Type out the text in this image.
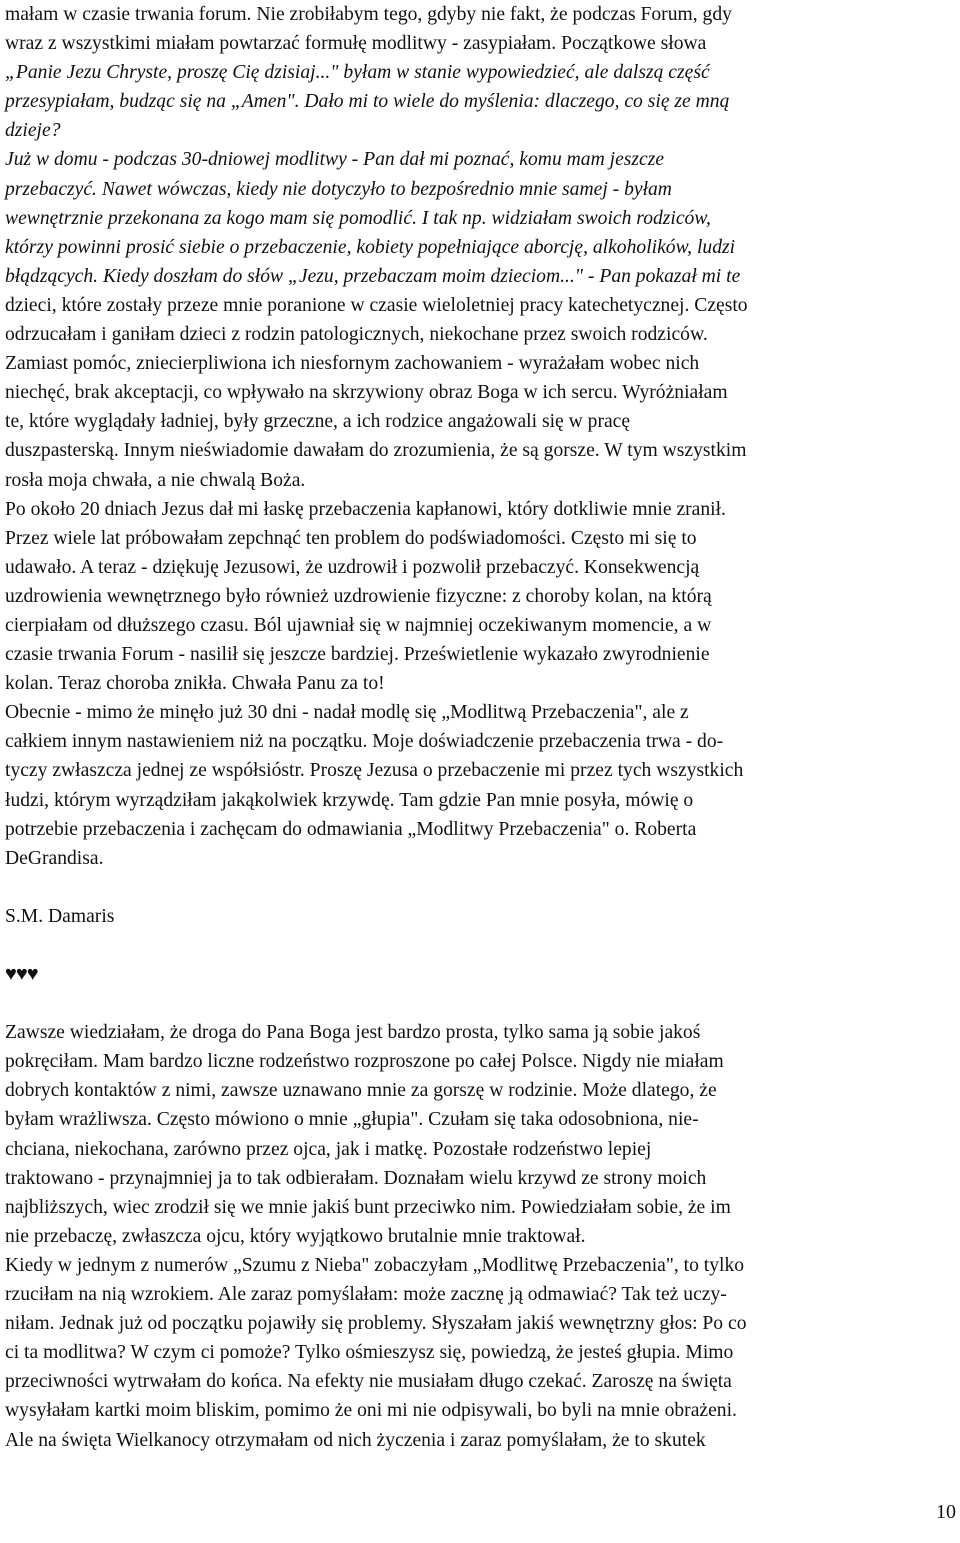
małam w czasie trwania forum. Nie zrobiłabym tego, gdyby nie fakt, że podczas Forum, gdy
wraz z wszystkimi miałam powtarzać formułę modlitwy - zasypiałam. Początkowe słowa
„Panie Jezu Chryste, proszę Cię dzisiaj..." byłam w stanie wypowiedzieć, ale dalszą część
przesypiałam, budząc się na „Amen". Dało mi to wiele do myślenia: dlaczego, co się ze mną
dzieje?
Już w domu - podczas 30-dniowej modlitwy - Pan dał mi poznać, komu mam jeszcze
przebaczyć. Nawet wówczas, kiedy nie dotyczyło to bezpośrednio mnie samej - byłam
wewnętrznie przekonana za kogo mam się pomodlić. I tak np. widziałam swoich rodziców,
którzy powinni prosić siebie o przebaczenie, kobiety popełniające aborcję, alkoholików, ludzi
błądzących. Kiedy doszłam do słów „Jezu, przebaczam moim dzieciom..." - Pan pokazał mi te
dzieci, które zostały przeze mnie poranione w czasie wieloletniej pracy katechetycznej. Często
odrzucałam i ganiłam dzieci z rodzin patologicznych, niekochane przez swoich rodziców.
Zamiast pomóc, zniecierpliwiona ich niesfornym zachowaniem - wyrażałam wobec nich
niechęć, brak akceptacji, co wpływało na skrzywiony obraz Boga w ich sercu. Wyróżniałam
te, które wyglądały ładniej, były grzeczne, a ich rodzice angażowali się w pracę
duszpasterską. Innym nieświadomie dawałam do zrozumienia, że są gorsze. W tym wszystkim
rosła moja chwała, a nie chwalą Boża.
Po około 20 dniach Jezus dał mi łaskę przebaczenia kapłanowi, który dotkliwie mnie zranił.
Przez wiele lat próbowałam zepchnąć ten problem do podświadomości. Często mi się to
udawało. A teraz - dziękuję Jezusowi, że uzdrowił i pozwolił przebaczyć. Konsekwencją
uzdrowienia wewnętrznego było również uzdrowienie fizyczne: z choroby kolan, na którą
cierpiałam od dłuższego czasu. Ból ujawniał się w najmniej oczekiwanym momencie, a w
czasie trwania Forum - nasilił się jeszcze bardziej. Prześwietlenie wykazało zwyrodnienie
kolan. Teraz choroba znikła. Chwała Panu za to!
Obecnie - mimo że minęło już 30 dni - nadał modlę się „Modlitwą Przebaczenia", ale z
całkiem innym nastawieniem niż na początku. Moje doświadczenie przebaczenia trwa - do-
tyczy zwłaszcza jednej ze współsióstr. Proszę Jezusa o przebaczenie mi przez tych wszystkich
łudzi, którym wyrządziłam jakąkolwiek krzywdę. Tam gdzie Pan mnie posyła, mówię o
potrzebie przebaczenia i zachęcam do odmawiania „Modlitwy Przebaczenia" o. Roberta
DeGrandisa.
S.M. Damaris
♥♥♥
Zawsze wiedziałam, że droga do Pana Boga jest bardzo prosta, tylko sama ją sobie jakoś
pokręciłam. Mam bardzo liczne rodzeństwo rozproszone po całej Polsce. Nigdy nie miałam
dobrych kontaktów z nimi, zawsze uznawano mnie za gorszę w rodzinie. Może dlatego, że
byłam wrażliwsza. Często mówiono o mnie „głupia". Czułam się taka odosobniona, nie-
chciana, niekochana, zarówno przez ojca, jak i matkę. Pozostałe rodzeństwo lepiej
traktowano - przynajmniej ja to tak odbierałam. Doznałam wielu krzywd ze strony moich
najbliższych, wiec zrodził się we mnie jakiś bunt przeciwko nim. Powiedziałam sobie, że im
nie przebaczę, zwłaszcza ojcu, który wyjątkowo brutalnie mnie traktował.
Kiedy w jednym z numerów „Szumu z Nieba" zobaczyłam „Modlitwę Przebaczenia", to tylko
rzuciłam na nią wzrokiem. Ale zaraz pomyślałam: może zacznę ją odmawiać? Tak też uczy-
niłam. Jednak już od początku pojawiły się problemy. Słyszałam jakiś wewnętrzny głos: Po co
ci ta modlitwa? W czym ci pomoże? Tylko ośmieszysz się, powiedzą, że jesteś głupia. Mimo
przeciwności wytrwałam do końca. Na efekty nie musiałam długo czekać. Zaroszę na święta
wysyłałam kartki moim bliskim, pomimo że oni mi nie odpisywali, bo byli na mnie obrażeni.
Ale na święta Wielkanocy otrzymałam od nich życzenia i zaraz pomyślałam, że to skutek
10
